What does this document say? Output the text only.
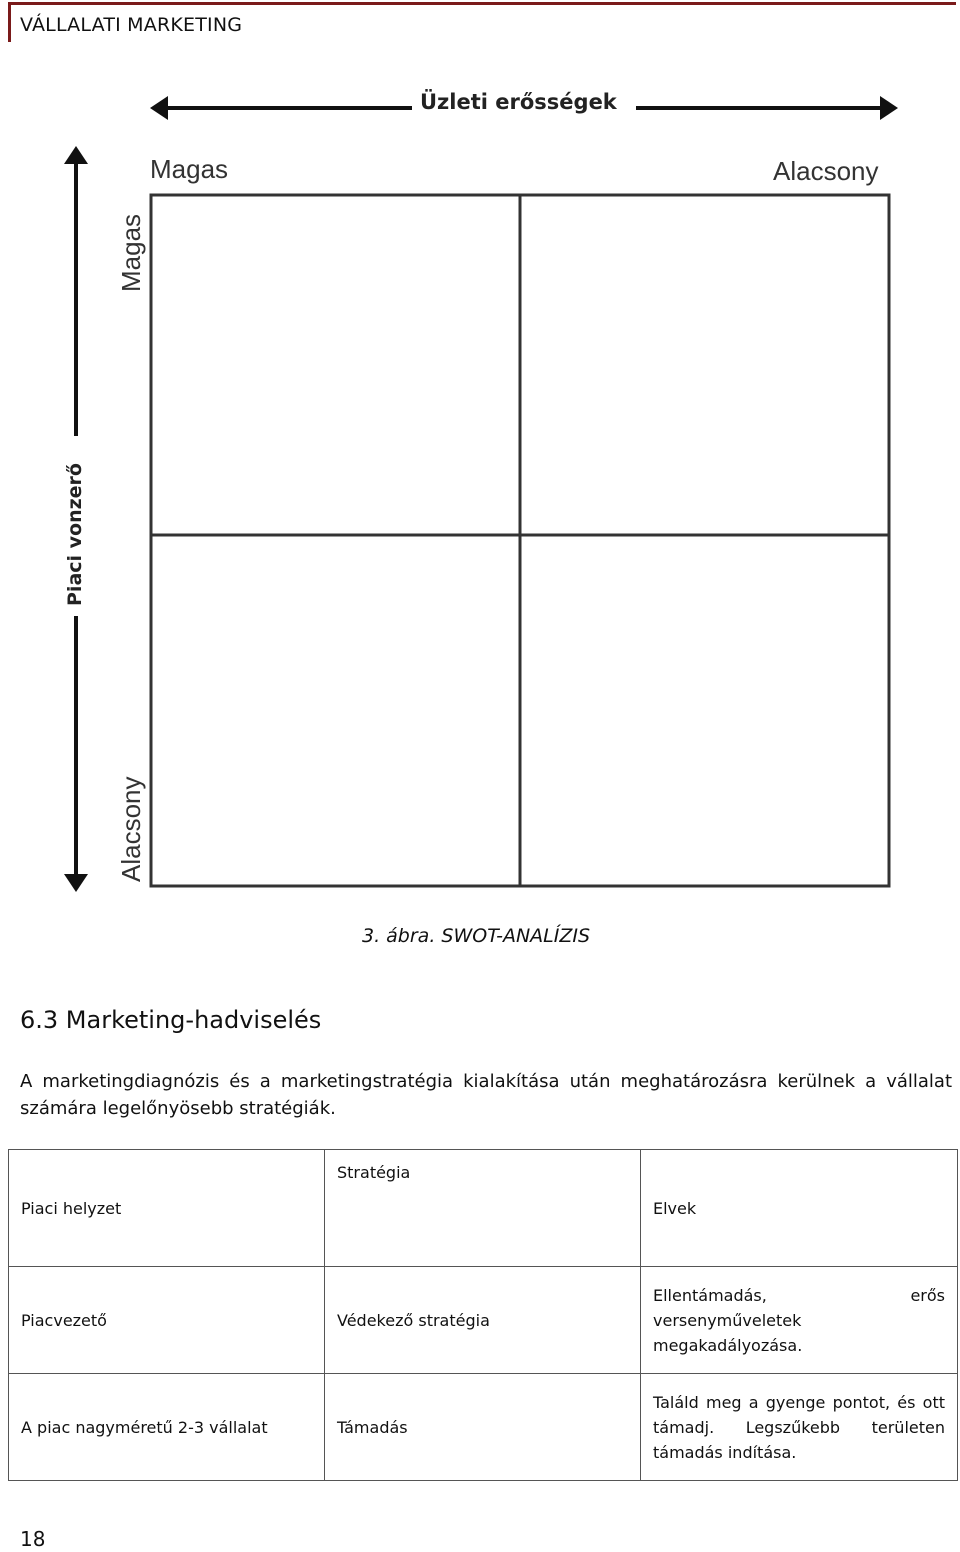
VÁLLALATI MARKETING
Üzleti erősségek
Magas	Alacsony
Magas
Alacsony
Piaci vonzerő
3. ábra. SWOT-ANALÍZIS
6.3 Marketing-hadviselés
A marketingdiagnózis és a marketingstratégia kialakítása után meghatározásra kerülnek a vállalat számára legelőnyösebb stratégiák.
Piaci helyzet	Stratégia	Elvek
Piacvezető	Védekező stratégia	Ellentámadás, erős versenyműveletek megakadályozása.
A piac nagyméretű 2-3 vállalat	Támadás	Találd meg a gyenge pontot, és ott támadj. Legszűkebb területen támadás indítása.
18
